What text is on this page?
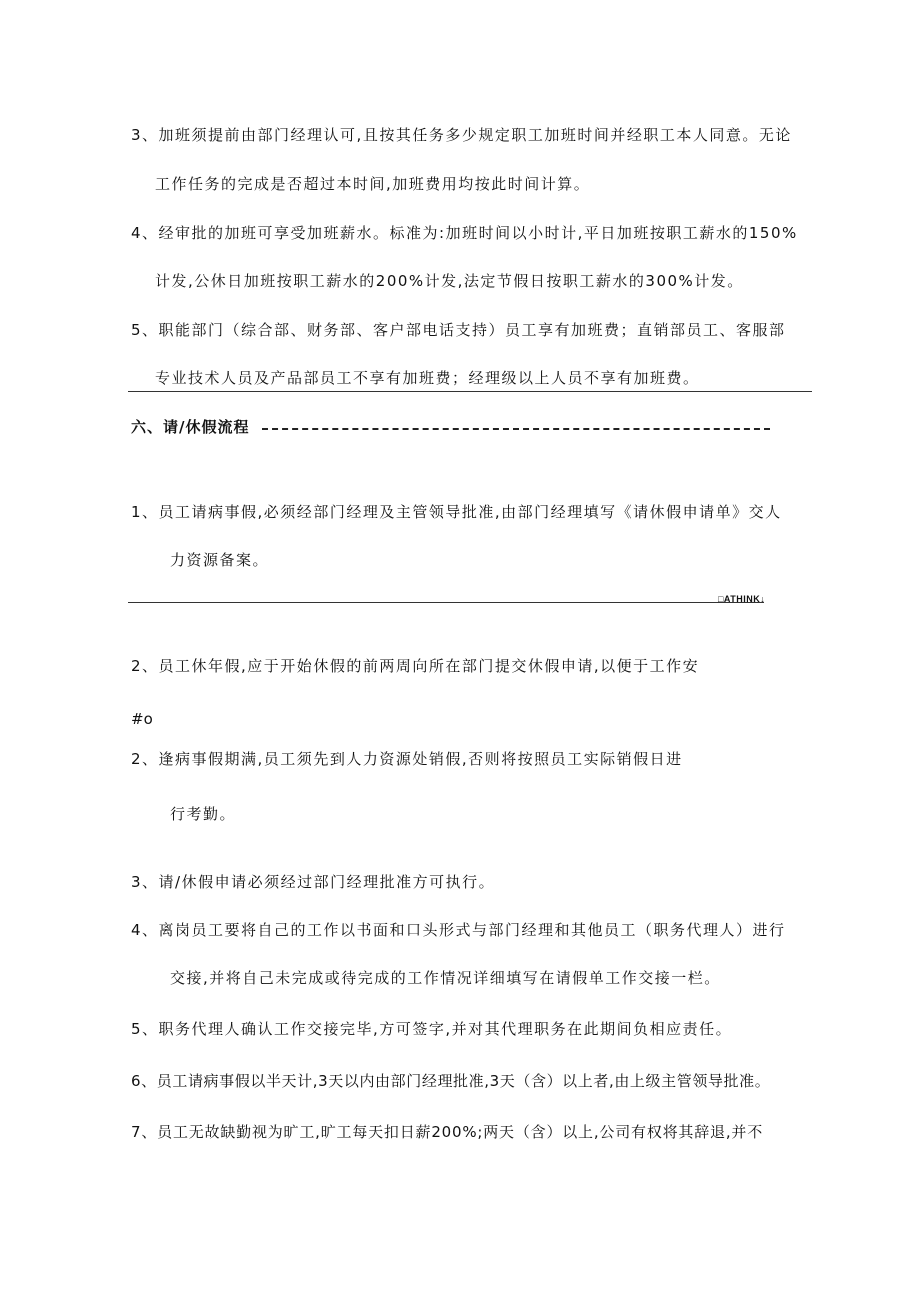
3、加班须提前由部门经理认可,且按其任务多少规定职工加班时间并经职工本人同意。无论
工作任务的完成是否超过本时间,加班费用均按此时间计算。
4、经审批的加班可享受加班薪水。标准为:加班时间以小时计,平日加班按职工薪水的150%
计发,公休日加班按职工薪水的200%计发,法定节假日按职工薪水的300%计发。
5、职能部门（综合部、财务部、客户部电话支持）员工享有加班费；直销部员工、客服部
专业技术人员及产品部员工不享有加班费；经理级以上人员不享有加班费。
六、请/休假流程
1、员工请病事假,必须经部门经理及主管领导批准,由部门经理填写《请休假申请单》交人
力资源备案。
□ATHINK↓
2、员工休年假,应于开始休假的前两周向所在部门提交休假申请,以便于工作安
#o
2、逢病事假期满,员工须先到人力资源处销假,否则将按照员工实际销假日进
行考勤。
3、请/休假申请必须经过部门经理批准方可执行。
4、离岗员工要将自己的工作以书面和口头形式与部门经理和其他员工（职务代理人）进行
交接,并将自己未完成或待完成的工作情况详细填写在请假单工作交接一栏。
5、职务代理人确认工作交接完毕,方可签字,并对其代理职务在此期间负相应责任。
6、员工请病事假以半天计,3天以内由部门经理批准,3天（含）以上者,由上级主管领导批准。
7、员工无故缺勤视为旷工,旷工每天扣日薪200%;两天（含）以上,公司有权将其辞退,并不
